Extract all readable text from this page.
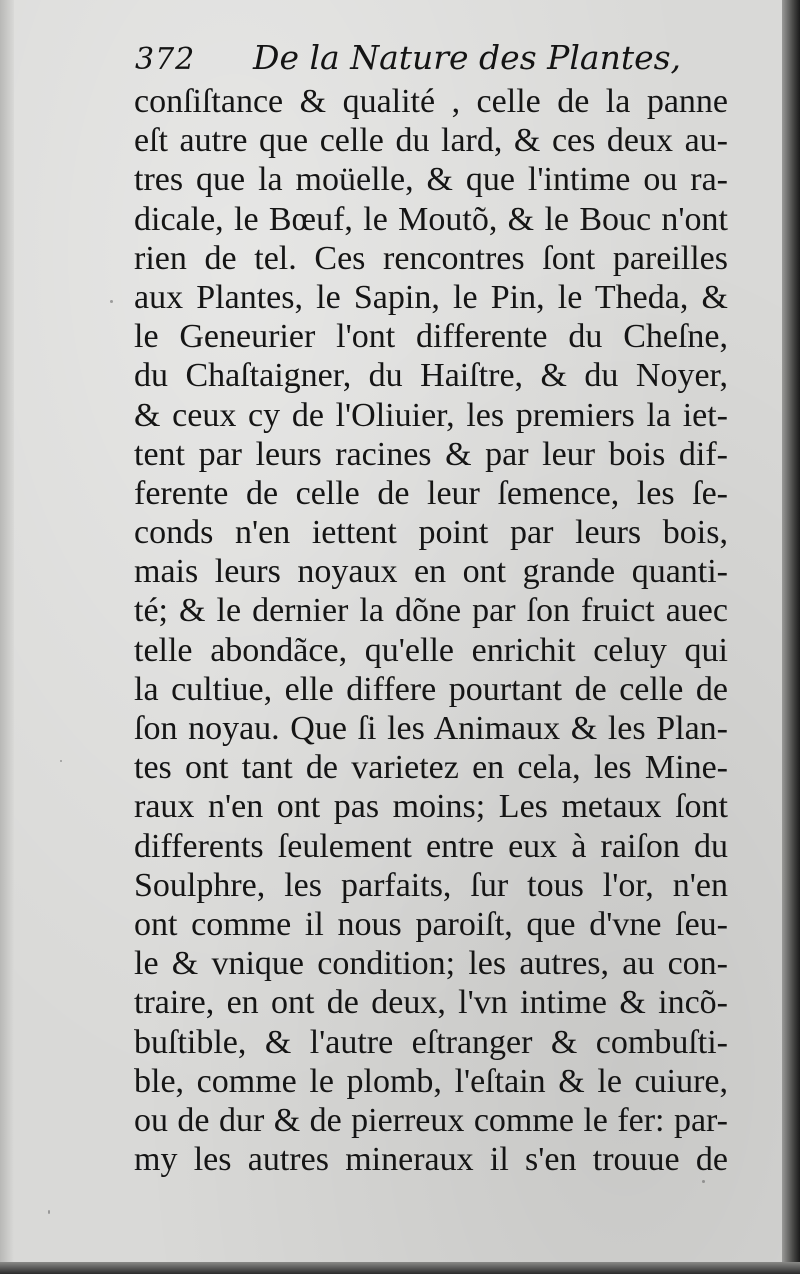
372 De la Nature des Plantes,
conſiſtance & qualité , celle de la panne
eſt autre que celle du lard, & ces deux au-
tres que la moüelle, & que l'intime ou ra-
dicale, le Bœuf, le Moutõ, & le Bouc n'ont
rien de tel. Ces rencontres ſont pareilles
aux Plantes, le Sapin, le Pin, le Theda, &
le Geneurier l'ont differente du Cheſne,
du Chaſtaigner, du Haiſtre, & du Noyer,
& ceux cy de l'Oliuier, les premiers la iet-
tent par leurs racines & par leur bois dif-
ferente de celle de leur ſemence, les ſe-
conds n'en iettent point par leurs bois,
mais leurs noyaux en ont grande quanti-
té; & le dernier la dõne par ſon fruict auec
telle abondãce, qu'elle enrichit celuy qui
la cultiue, elle differe pourtant de celle de
ſon noyau. Que ſi les Animaux & les Plan-
tes ont tant de varietez en cela, les Mine-
raux n'en ont pas moins; Les metaux ſont
differents ſeulement entre eux à raiſon du
Soulphre, les parfaits, ſur tous l'or, n'en
ont comme il nous paroiſt, que d'vne ſeu-
le & vnique condition; les autres, au con-
traire, en ont de deux, l'vn intime & incõ-
buſtible, & l'autre eſtranger & combuſti-
ble, comme le plomb, l'eſtain & le cuiure,
ou de dur & de pierreux comme le fer: par-
my les autres mineraux il s'en trouue de
